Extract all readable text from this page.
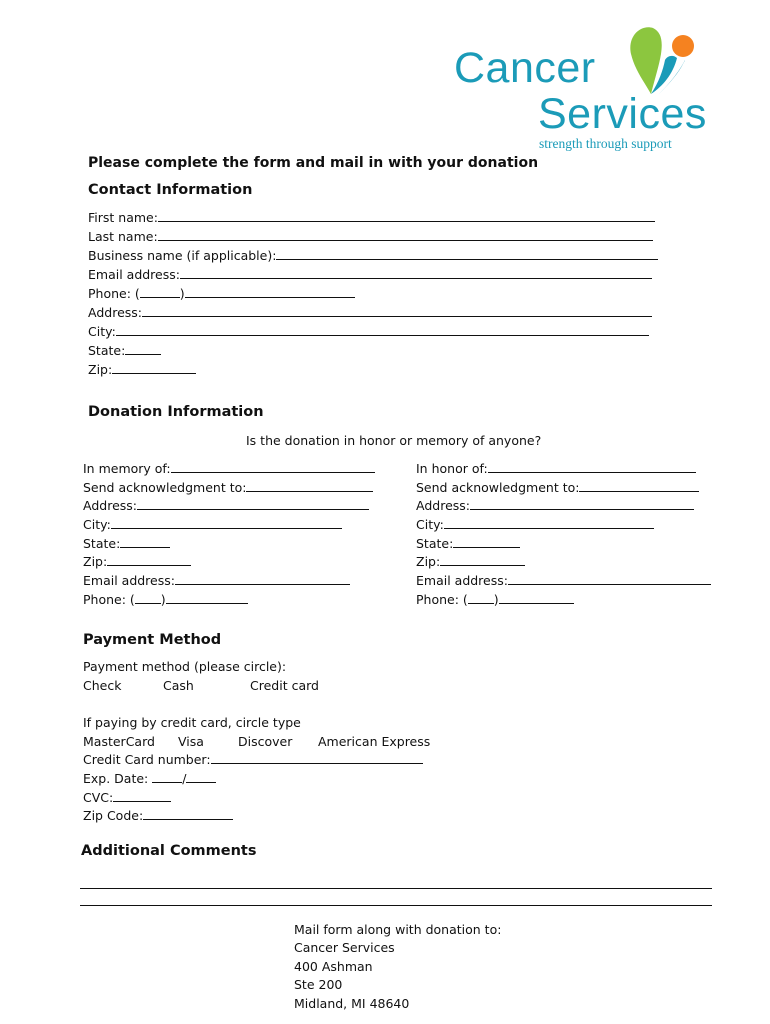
Cancer
Services
strength through support
Please complete the form and mail in with your donation
Contact Information
First name:
Last name:
Business name (if applicable):
Email address:
Phone: (	)
Address:
City:
State:
Zip:
Donation Information
Is the donation in honor or memory of anyone?
In memory of:
Send acknowledgment to:
Address:
City:
State:
Zip:
Email address:
Phone: ( )
In honor of:
Send acknowledgment to:
Address:
City:
State:
Zip:
Email address:
Phone: ( )
Payment Method
Payment method (please circle):
Check	Cash	Credit card
If paying by credit card, circle type
MasterCard Visa	Discover American Express
Credit Card number:
Exp. Date:	/
CVC:
Zip Code:
Additional Comments
Mail form along with donation to:
Cancer Services
400 Ashman
Ste 200
Midland, MI 48640
